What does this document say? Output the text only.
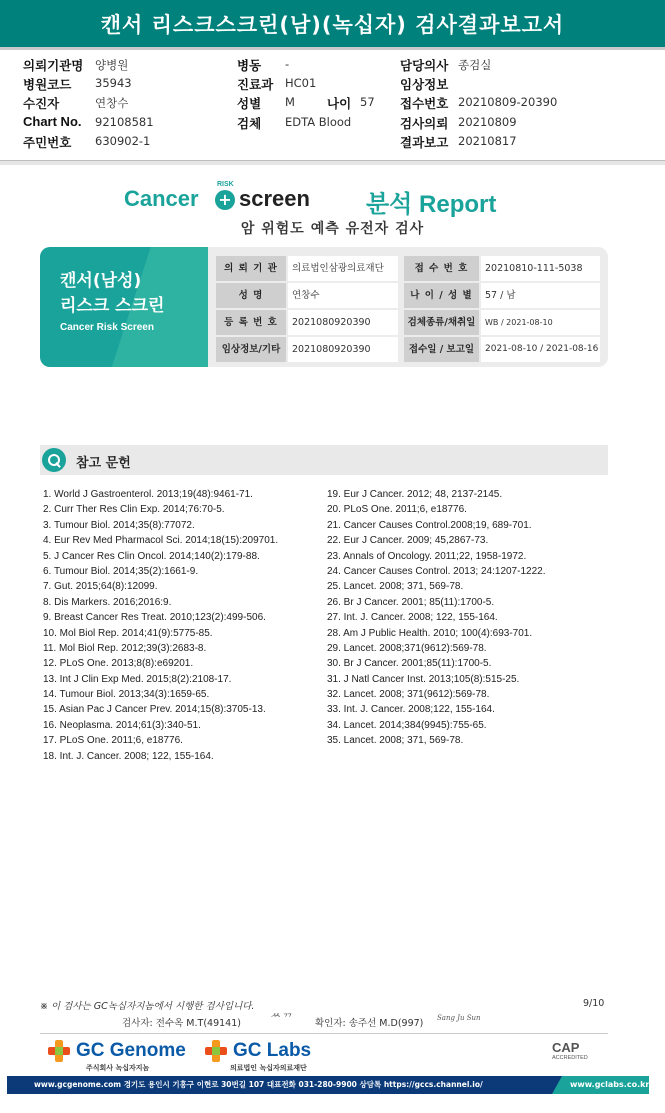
캔서 리스크스크린(남)(녹십자) 검사결과보고서
의뢰기관명 양병원
병원코드 35943
수진자	연창수
Chart No. 92108581
주민번호 630902-1
병동 -
진료과 HC01
성별 M	나이 57
검체 EDTA Blood
담당의사 종검실
임상정보
접수번호 20210809-20390
검사의뢰 20210809
결과보고 20210817
Cancer
RISK
+ screen 분석 Report
암 위험도 예측 유전자 검사
캔서(남성)
리스크 스크린
Cancer Risk Screen
의 뢰 기 관	의료법인삼광의료재단	접 수 번 호	20210810-111-5038
성 명	연창수	나 이 / 성 별	57 / 남
등 록 번 호	2021080920390	검체종류/채취일	WB / 2021-08-10
임상정보/기타	2021080920390	접수일 / 보고일	2021-08-10 / 2021-08-16
참고 문헌
1. World J Gastroenterol. 2013;19(48):9461-71.
2. Curr Ther Res Clin Exp. 2014;76:70-5.
3. Tumour Biol. 2014;35(8):77072.
4. Eur Rev Med Pharmacol Sci. 2014;18(15):209701.
5. J Cancer Res Clin Oncol. 2014;140(2):179-88.
6. Tumour Biol. 2014;35(2):1661-9.
7. Gut. 2015;64(8):12099.
8. Dis Markers. 2016;2016:9.
9. Breast Cancer Res Treat. 2010;123(2):499-506.
10. Mol Biol Rep. 2014;41(9):5775-85.
11. Mol Biol Rep. 2012;39(3):2683-8.
12. PLoS One. 2013;8(8):e69201.
13. Int J Clin Exp Med. 2015;8(2):2108-17.
14. Tumour Biol. 2013;34(3):1659-65.
15. Asian Pac J Cancer Prev. 2014;15(8):3705-13.
16. Neoplasma. 2014;61(3):340-51.
17. PLoS One. 2011;6, e18776.
18. Int. J. Cancer. 2008; 122, 155-164.
19. Eur J Cancer. 2012; 48, 2137-2145.
20. PLoS One. 2011;6, e18776.
21. Cancer Causes Control.2008;19, 689-701.
22. Eur J Cancer. 2009; 45,2867-73.
23. Annals of Oncology. 2011;22, 1958-1972.
24. Cancer Causes Control. 2013; 24:1207-1222.
25. Lancet. 2008; 371, 569-78.
26. Br J Cancer. 2001; 85(11):1700-5.
27. Int. J. Cancer. 2008; 122, 155-164.
28. Am J Public Health. 2010; 100(4):693-701.
29. Lancet. 2008;371(9612):569-78.
30. Br J Cancer. 2001;85(11):1700-5.
31. J Natl Cancer Inst. 2013;105(8):515-25.
32. Lancet. 2008; 371(9612):569-78.
33. Int. J. Cancer. 2008;122, 155-164.
34. Lancet. 2014;384(9945):755-65.
35. Lancet. 2008; 371, 569-78.
※ 이 검사는 GC녹십자지놈에서 시행한 검사입니다.	9/10
검사자: 전수옥 M.T(49141) ᄊᄁ	확인자: 송주선 M.D(997) Sang Ju Sun
GC Genome
주식회사 녹십자지놈
GC Labs
의료법인 녹십자의료재단
CAP
ACCREDITED
www.gcgenome.com 경기도 용인시 기흥구 이현로 30번길 107 대표전화 031-280-9900 상담톡 https://gccs.channel.io/	www.gclabs.co.kr
